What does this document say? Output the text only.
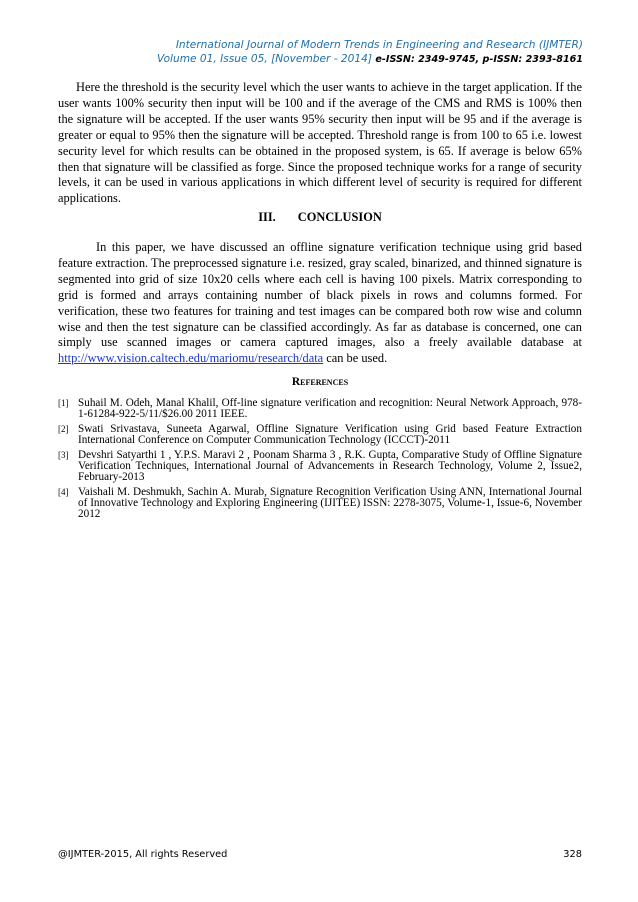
International Journal of Modern Trends in Engineering and Research (IJMTER)
Volume 01, Issue 05, [November - 2014] e-ISSN: 2349-9745, p-ISSN: 2393-8161

Here the threshold is the security level which the user wants to achieve in the target application. If the user wants 100% security then input will be 100 and if the average of the CMS and RMS is 100% then the signature will be accepted. If the user wants 95% security then input will be 95 and if the average is greater or equal to 95% then the signature will be accepted. Threshold range is from 100 to 65 i.e. lowest security level for which results can be obtained in the proposed system, is 65. If average is below 65% then that signature will be classified as forge. Since the proposed technique works for a range of security levels, it can be used in various applications in which different level of security is required for different applications.

III. CONCLUSION

In this paper, we have discussed an offline signature verification technique using grid based feature extraction. The preprocessed signature i.e. resized, gray scaled, binarized, and thinned signature is segmented into grid of size 10x20 cells where each cell is having 100 pixels. Matrix corresponding to grid is formed and arrays containing number of black pixels in rows and columns formed. For verification, these two features for training and test images can be compared both row wise and column wise and then the test signature can be classified accordingly. As far as database is concerned, one can simply use scanned images or camera captured images, also a freely available database at http://www.vision.caltech.edu/mariomu/research/data can be used.

References
[1] Suhail M. Odeh, Manal Khalil, Off-line signature verification and recognition: Neural Network Approach, 978-1-61284-922-5/11/$26.00 2011 IEEE.
[2] Swati Srivastava, Suneeta Agarwal, Offline Signature Verification using Grid based Feature Extraction International Conference on Computer Communication Technology (ICCCT)-2011
[3] Devshri Satyarthi 1 , Y.P.S. Maravi 2 , Poonam Sharma 3 , R.K. Gupta, Comparative Study of Offline Signature Verification Techniques, International Journal of Advancements in Research Technology, Volume 2, Issue2, February-2013
[4] Vaishali M. Deshmukh, Sachin A. Murab, Signature Recognition Verification Using ANN, International Journal of Innovative Technology and Exploring Engineering (IJITEE) ISSN: 2278-3075, Volume-1, Issue-6, November 2012
@IJMTER-2015, All rights Reserved	328
